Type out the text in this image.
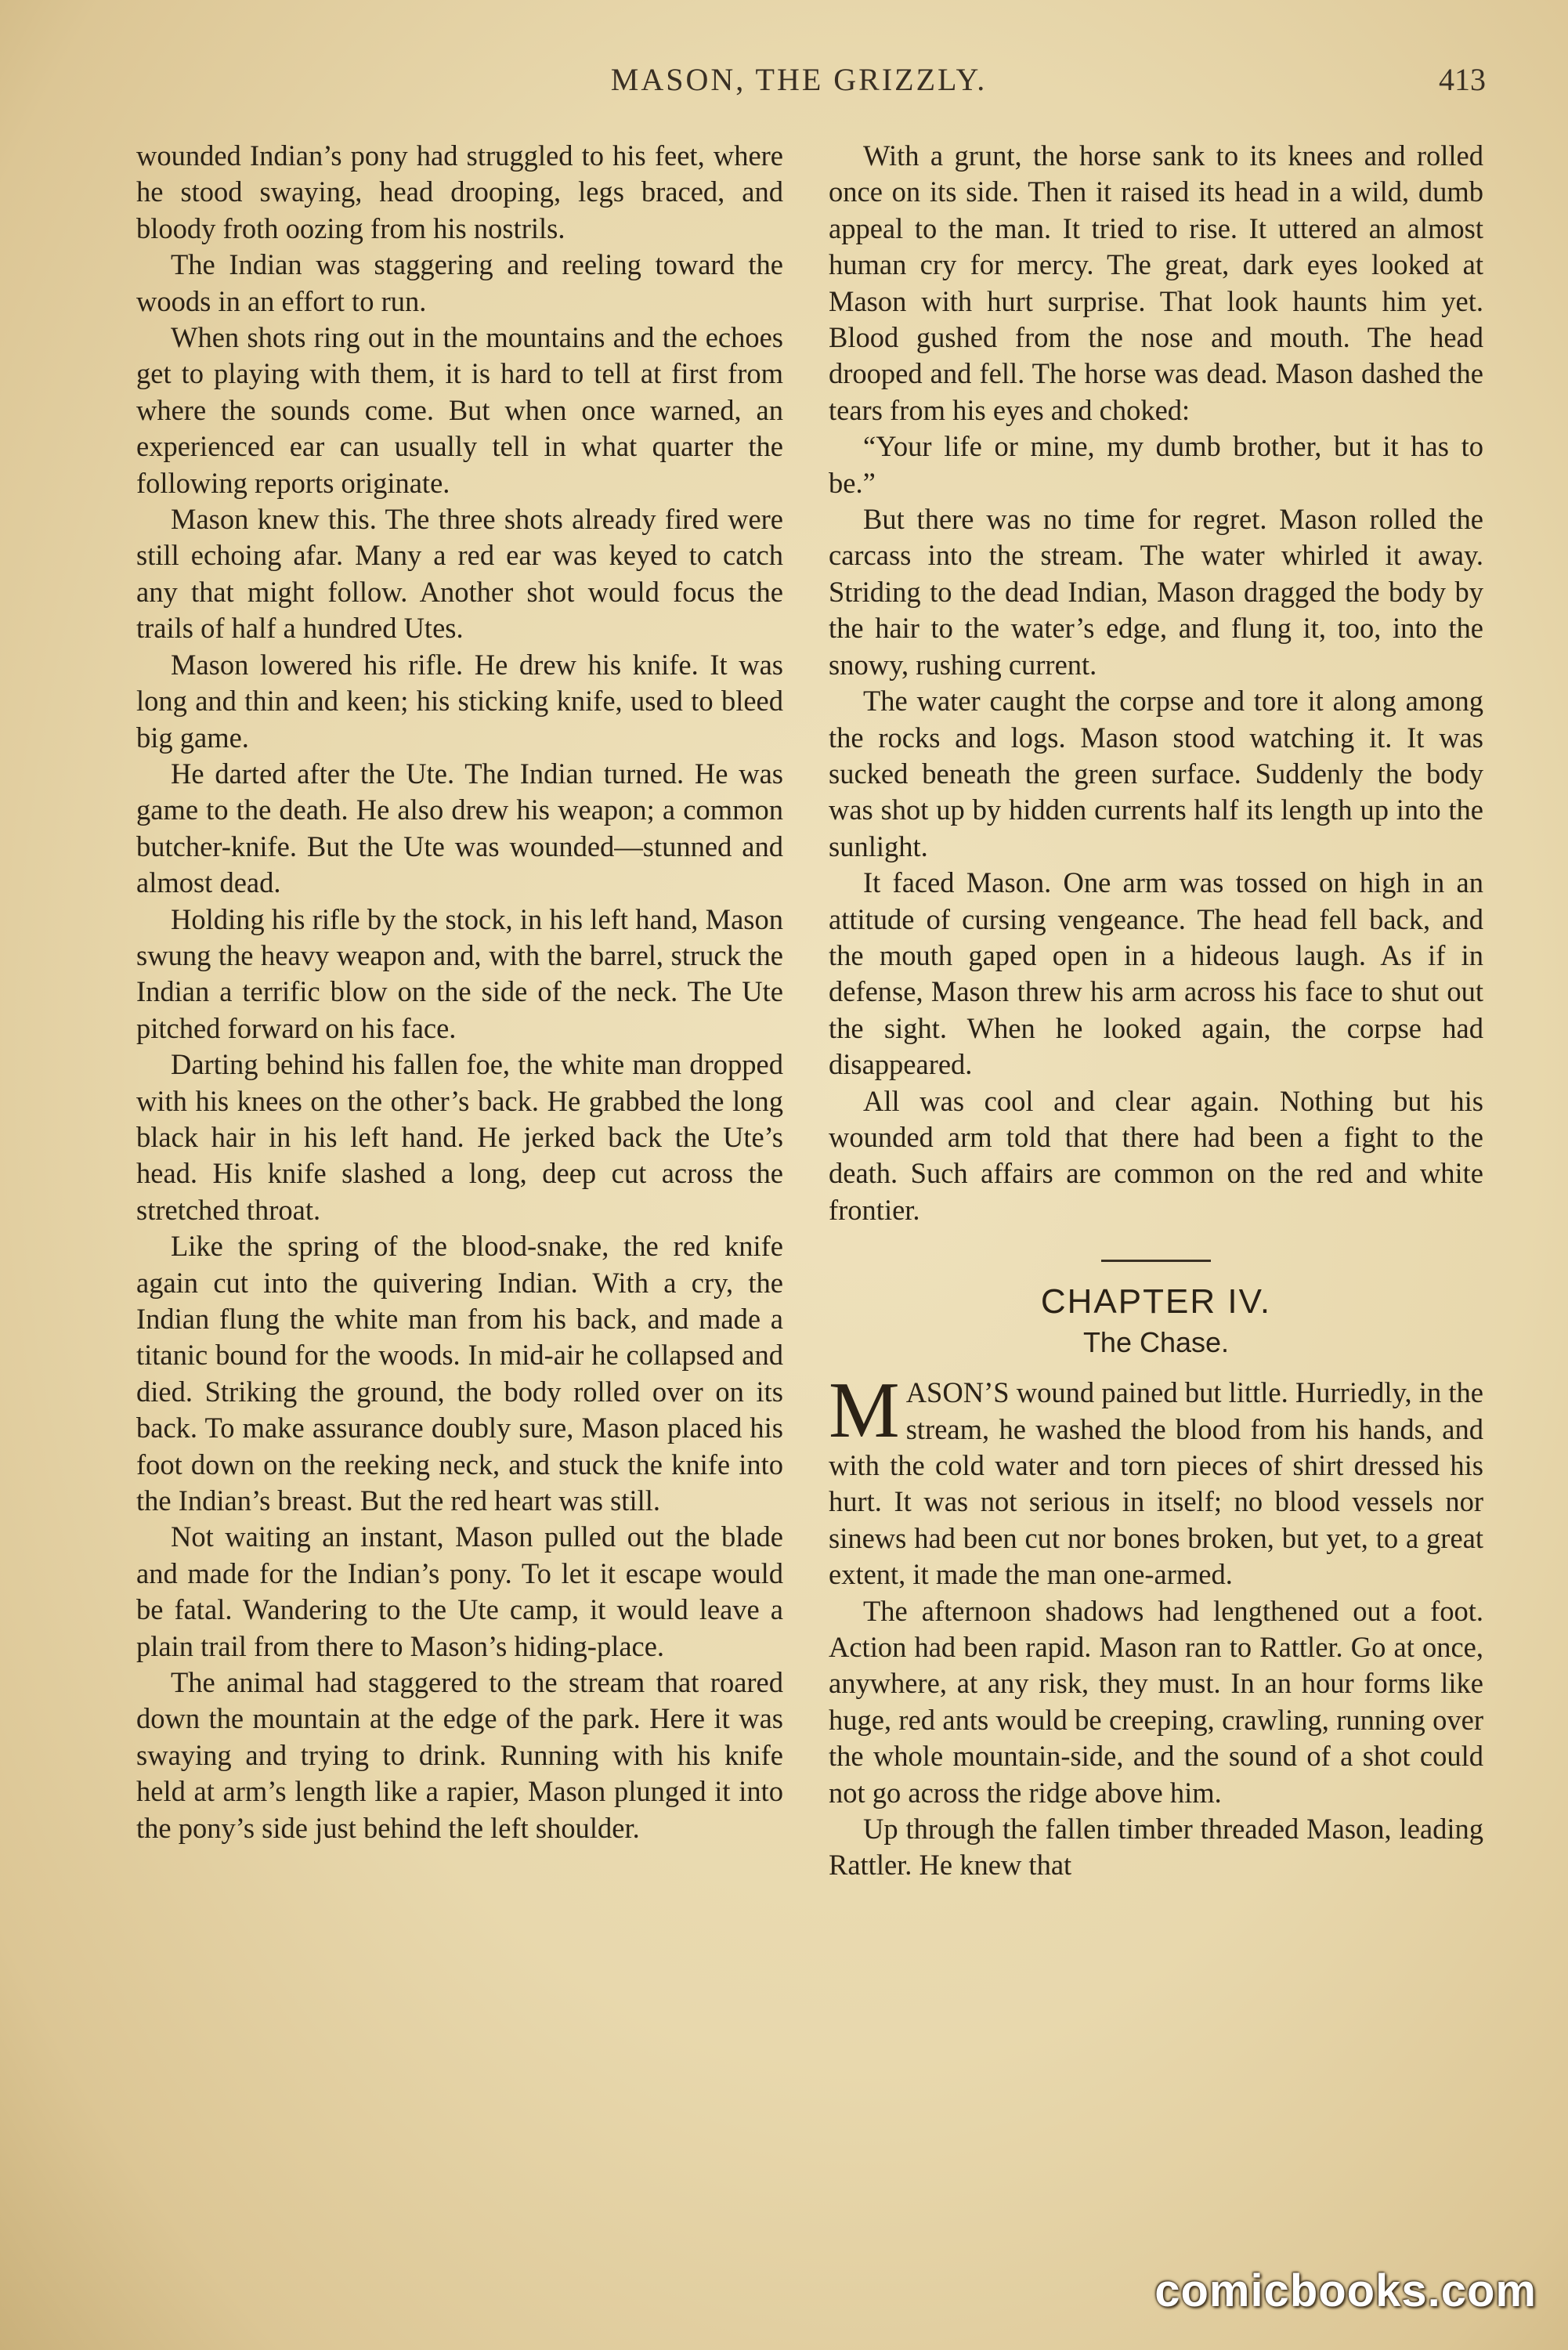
MASON, THE GRIZZLY.	413

wounded Indian’s pony had struggled to his feet, where he stood swaying, head drooping, legs braced, and bloody froth oozing from his nostrils.

The Indian was staggering and reeling toward the woods in an effort to run.

When shots ring out in the mountains and the echoes get to playing with them, it is hard to tell at first from where the sounds come. But when once warned, an experienced ear can usually tell in what quarter the following reports originate.

Mason knew this. The three shots already fired were still echoing afar. Many a red ear was keyed to catch any that might follow. Another shot would focus the trails of half a hundred Utes.

Mason lowered his rifle. He drew his knife. It was long and thin and keen; his sticking knife, used to bleed big game.

He darted after the Ute. The Indian turned. He was game to the death. He also drew his weapon; a common butcher-knife. But the Ute was wounded—stunned and almost dead.

Holding his rifle by the stock, in his left hand, Mason swung the heavy weapon and, with the barrel, struck the Indian a terrific blow on the side of the neck. The Ute pitched forward on his face.

Darting behind his fallen foe, the white man dropped with his knees on the other’s back. He grabbed the long black hair in his left hand. He jerked back the Ute’s head. His knife slashed a long, deep cut across the stretched throat.

Like the spring of the blood-snake, the red knife again cut into the quivering Indian. With a cry, the Indian flung the white man from his back, and made a titanic bound for the woods. In mid-air he collapsed and died. Striking the ground, the body rolled over on its back. To make assurance doubly sure, Mason placed his foot down on the reeking neck, and stuck the knife into the Indian’s breast. But the red heart was still.

Not waiting an instant, Mason pulled out the blade and made for the Indian’s pony. To let it escape would be fatal. Wandering to the Ute camp, it would leave a plain trail from there to Mason’s hiding-place.

The animal had staggered to the stream that roared down the mountain at the edge of the park. Here it was swaying and trying to drink. Running with his knife held at arm’s length like a rapier, Mason plunged it into the pony’s side just behind the left shoulder.

With a grunt, the horse sank to its knees and rolled once on its side. Then it raised its head in a wild, dumb appeal to the man. It tried to rise. It uttered an almost human cry for mercy. The great, dark eyes looked at Mason with hurt surprise. That look haunts him yet. Blood gushed from the nose and mouth. The head drooped and fell. The horse was dead. Mason dashed the tears from his eyes and choked:

“Your life or mine, my dumb brother, but it has to be.”

But there was no time for regret. Mason rolled the carcass into the stream. The water whirled it away. Striding to the dead Indian, Mason dragged the body by the hair to the water’s edge, and flung it, too, into the snowy, rushing current.

The water caught the corpse and tore it along among the rocks and logs. Mason stood watching it. It was sucked beneath the green surface. Suddenly the body was shot up by hidden currents half its length up into the sunlight.

It faced Mason. One arm was tossed on high in an attitude of cursing vengeance. The head fell back, and the mouth gaped open in a hideous laugh. As if in defense, Mason threw his arm across his face to shut out the sight. When he looked again, the corpse had disappeared.

All was cool and clear again. Nothing but his wounded arm told that there had been a fight to the death. Such affairs are common on the red and white frontier.

CHAPTER IV.
The Chase.

MASON’S wound pained but little. Hurriedly, in the stream, he washed the blood from his hands, and with the cold water and torn pieces of shirt dressed his hurt. It was not serious in itself; no blood vessels nor sinews had been cut nor bones broken, but yet, to a great extent, it made the man one-armed.

The afternoon shadows had lengthened out a foot. Action had been rapid. Mason ran to Rattler. Go at once, anywhere, at any risk, they must. In an hour forms like huge, red ants would be creeping, crawling, running over the whole mountain-side, and the sound of a shot could not go across the ridge above him.

Up through the fallen timber threaded Mason, leading Rattler. He knew that

comicbooks.com
